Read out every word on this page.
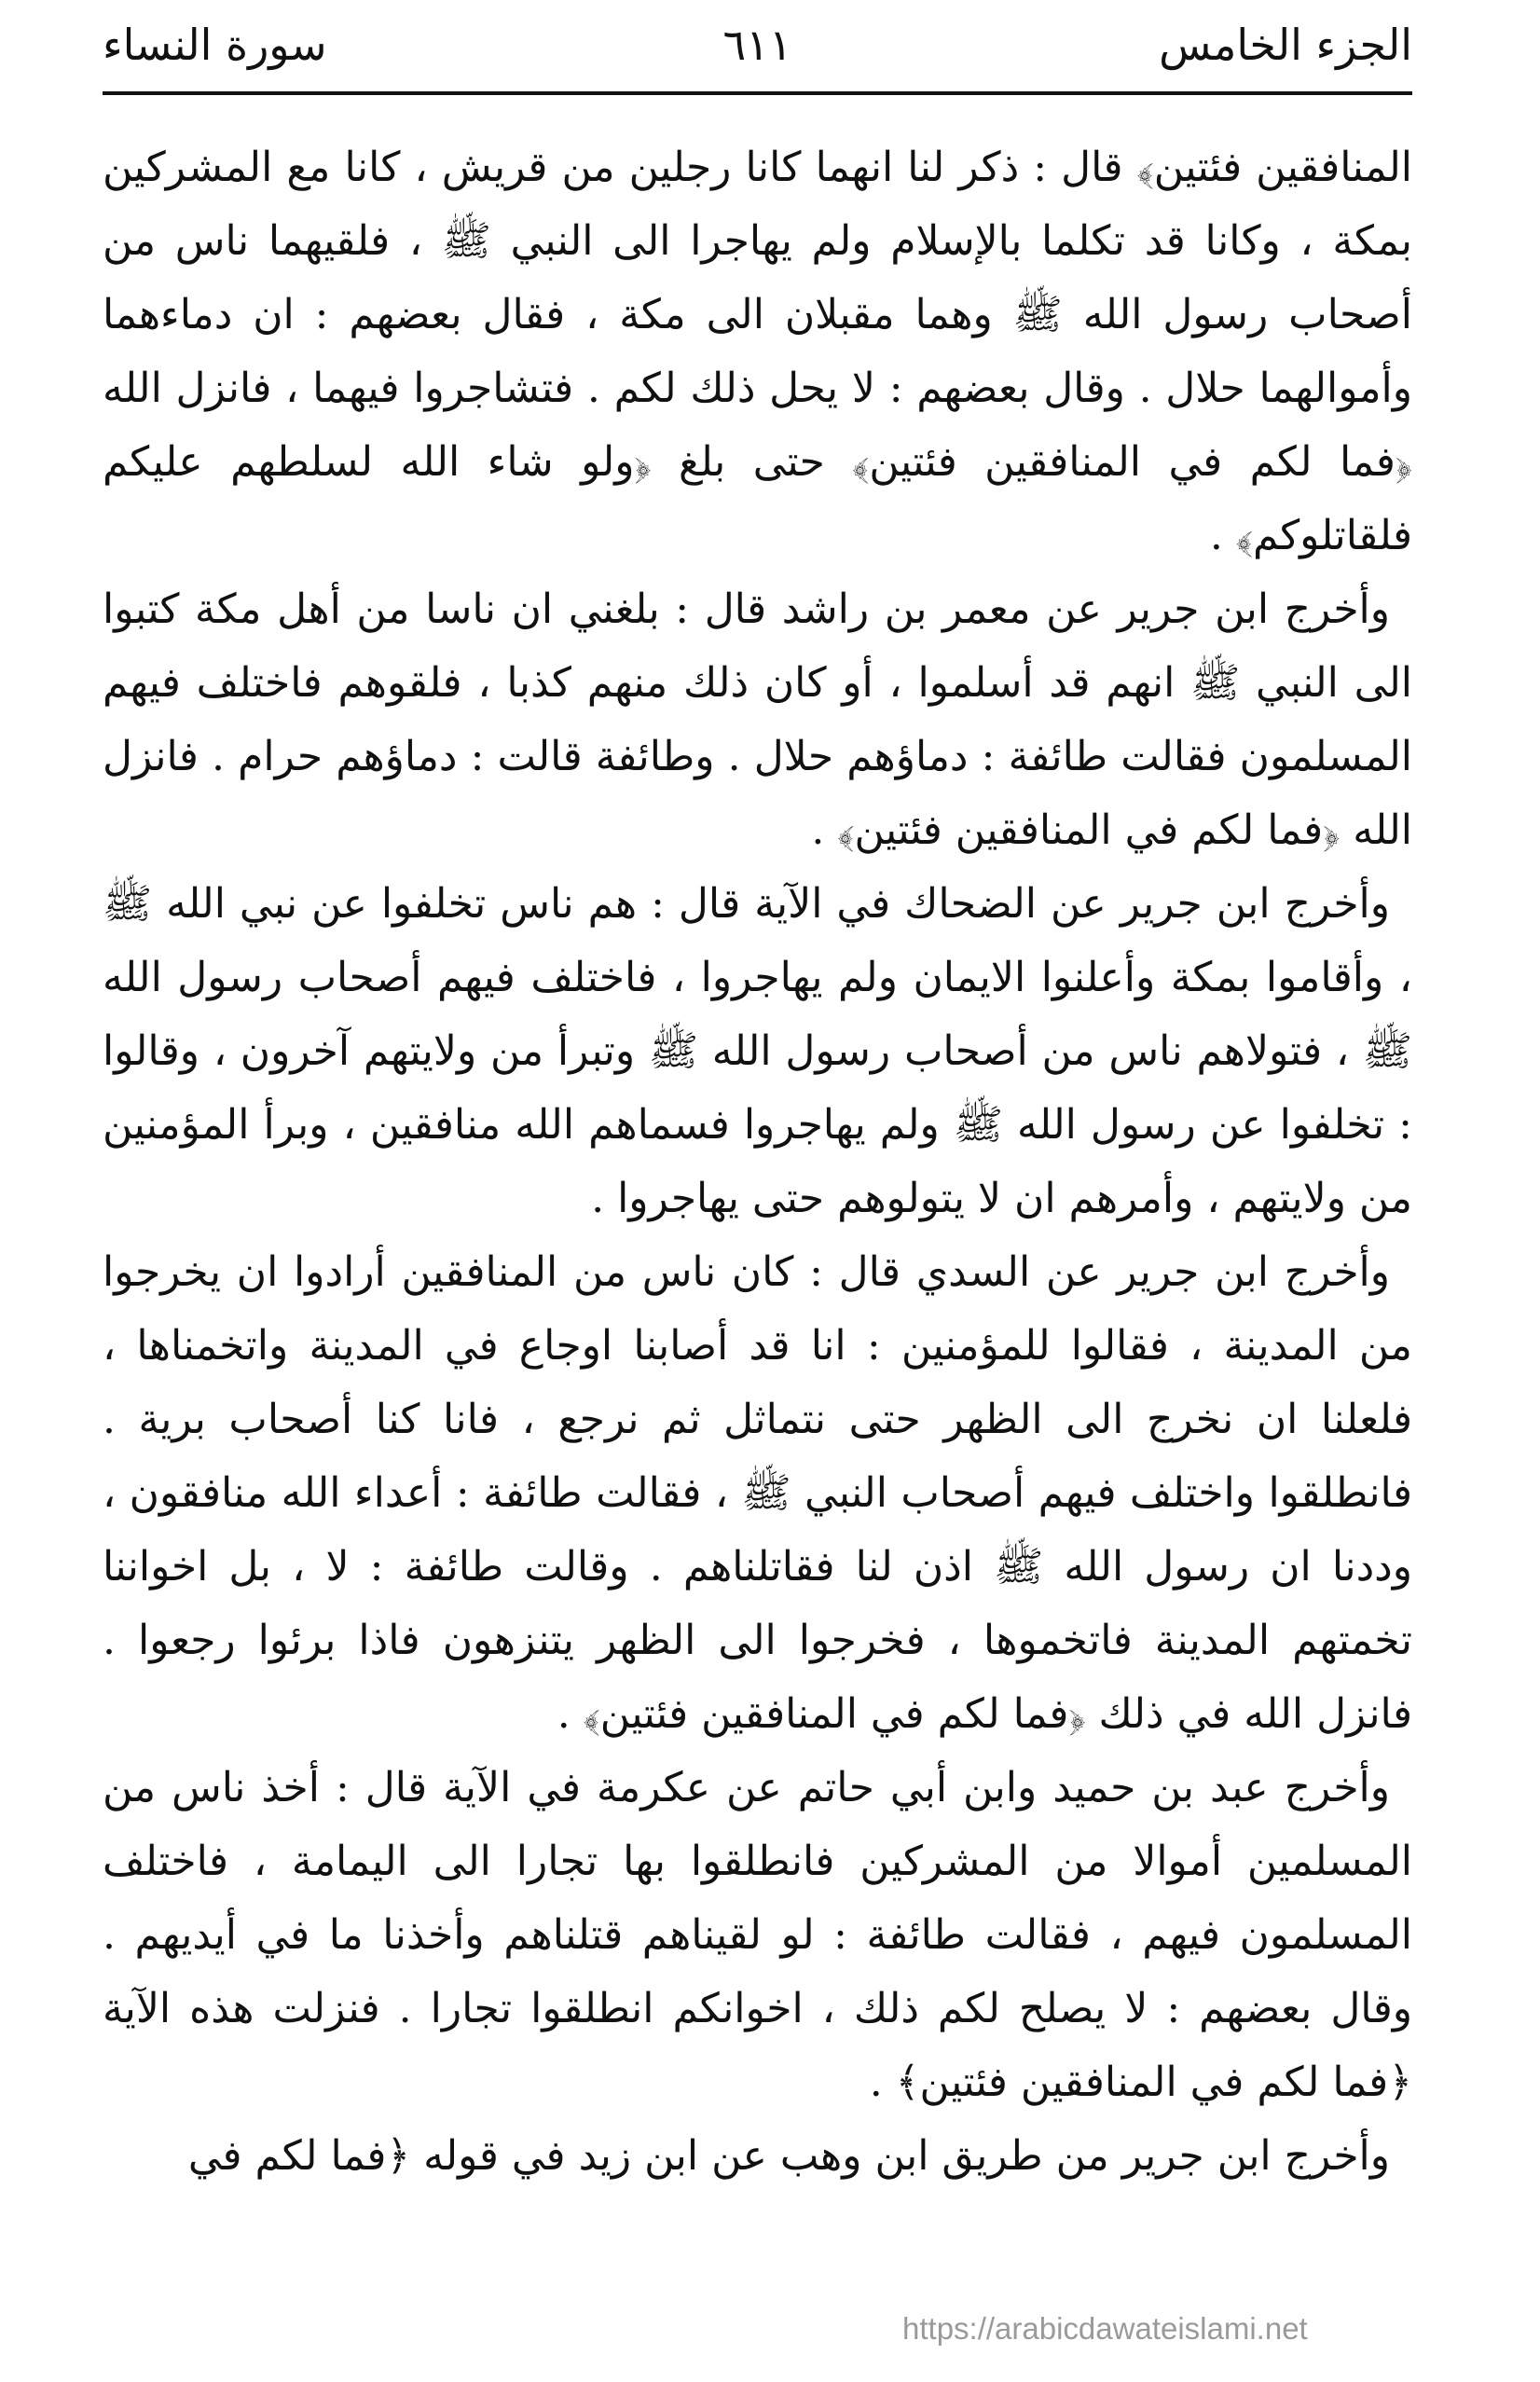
الجزء الخامس
٦١١
سورة النساء

المنافقين فئتين﴾ قال : ذكر لنا انهما كانا رجلين من قريش ، كانا مع المشركين بمكة ، وكانا قد تكلما بالإسلام ولم يهاجرا الى النبي ﷺ ، فلقيهما ناس من أصحاب رسول الله ﷺ وهما مقبلان الى مكة ، فقال بعضهم : ان دماءهما وأموالهما حلال . وقال بعضهم : لا يحل ذلك لكم . فتشاجروا فيهما ، فانزل الله ﴿فما لكم في المنافقين فئتين﴾ حتى بلغ ﴿ولو شاء الله لسلطهم عليكم فلقاتلوكم﴾ .

وأخرج ابن جرير عن معمر بن راشد قال : بلغني ان ناسا من أهل مكة كتبوا الى النبي ﷺ انهم قد أسلموا ، أو كان ذلك منهم كذبا ، فلقوهم فاختلف فيهم المسلمون فقالت طائفة : دماؤهم حلال . وطائفة قالت : دماؤهم حرام . فانزل الله ﴿فما لكم في المنافقين فئتين﴾ .

وأخرج ابن جرير عن الضحاك في الآية قال : هم ناس تخلفوا عن نبي الله ﷺ ، وأقاموا بمكة وأعلنوا الايمان ولم يهاجروا ، فاختلف فيهم أصحاب رسول الله ﷺ ، فتولاهم ناس من أصحاب رسول الله ﷺ وتبرأ من ولايتهم آخرون ، وقالوا : تخلفوا عن رسول الله ﷺ ولم يهاجروا فسماهم الله منافقين ، وبرأ المؤمنين من ولايتهم ، وأمرهم ان لا يتولوهم حتى يهاجروا .

وأخرج ابن جرير عن السدي قال : كان ناس من المنافقين أرادوا ان يخرجوا من المدينة ، فقالوا للمؤمنين : انا قد أصابنا اوجاع في المدينة واتخمناها ، فلعلنا ان نخرج الى الظهر حتى نتماثل ثم نرجع ، فانا كنا أصحاب برية . فانطلقوا واختلف فيهم أصحاب النبي ﷺ ، فقالت طائفة : أعداء الله منافقون ، وددنا ان رسول الله ﷺ اذن لنا فقاتلناهم . وقالت طائفة : لا ، بل اخواننا تخمتهم المدينة فاتخموها ، فخرجوا الى الظهر يتنزهون فاذا برئوا رجعوا . فانزل الله في ذلك ﴿فما لكم في المنافقين فئتين﴾ .

وأخرج عبد بن حميد وابن أبي حاتم عن عكرمة في الآية قال : أخذ ناس من المسلمين أموالا من المشركين فانطلقوا بها تجارا الى اليمامة ، فاختلف المسلمون فيهم ، فقالت طائفة : لو لقيناهم قتلناهم وأخذنا ما في أيديهم . وقال بعضهم : لا يصلح لكم ذلك ، اخوانكم انطلقوا تجارا . فنزلت هذه الآية ﴿فما لكم في المنافقين فئتين﴾ .

وأخرج ابن جرير من طريق ابن وهب عن ابن زيد في قوله ﴿فما لكم في

https://arabicdawateislami.net
